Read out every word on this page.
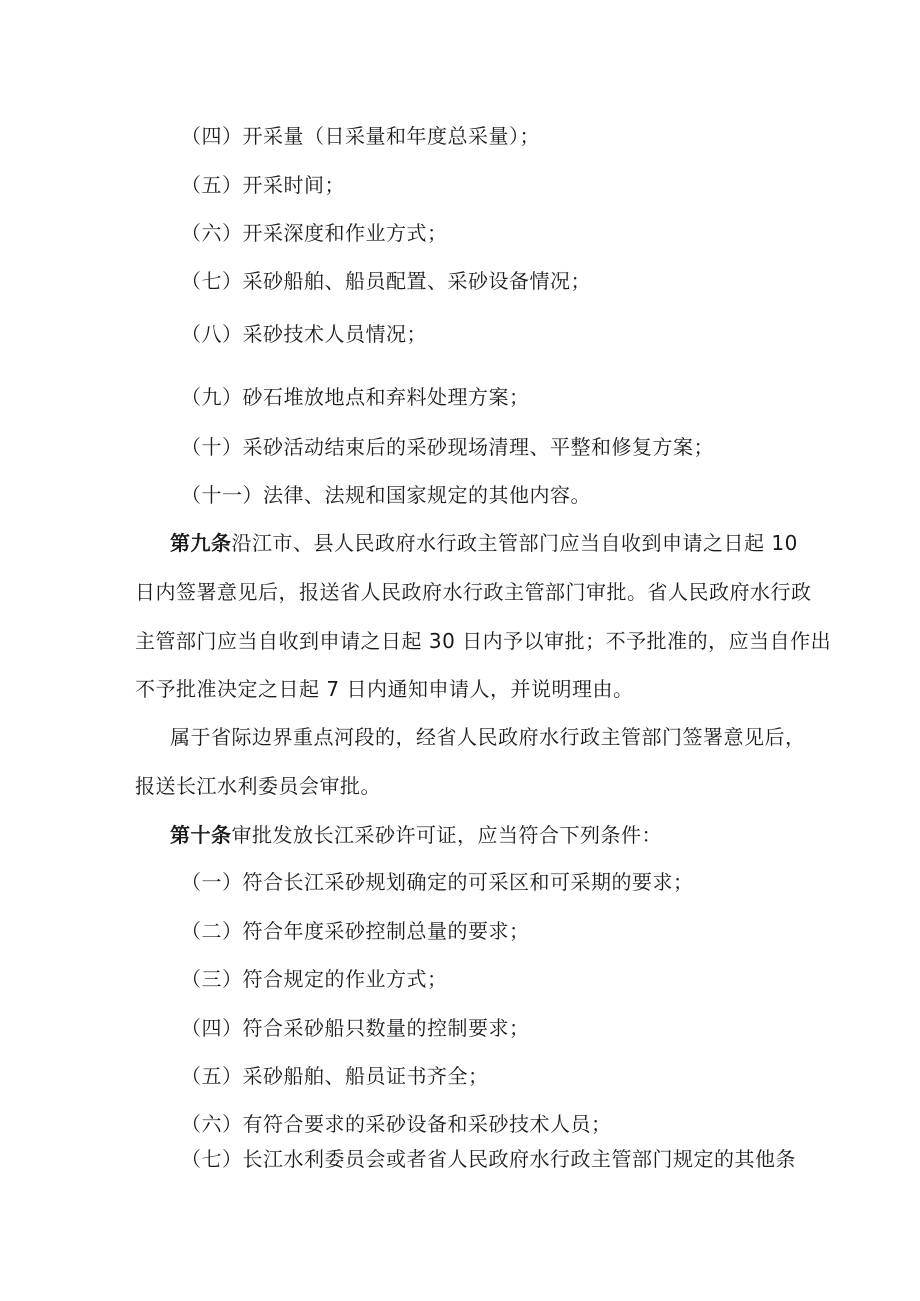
（四）开采量（日采量和年度总采量）；
（五）开采时间；
（六）开采深度和作业方式；
（七）采砂船舶、船员配置、采砂设备情况；
（八）采砂技术人员情况；
（九）砂石堆放地点和弃料处理方案；
（十）采砂活动结束后的采砂现场清理、平整和修复方案；
（十一）法律、法规和国家规定的其他内容。
第九条沿江市、县人民政府水行政主管部门应当自收到申请之日起 10
日内签署意见后，报送省人民政府水行政主管部门审批。省人民政府水行政
主管部门应当自收到申请之日起 30 日内予以审批；不予批准的，应当自作出
不予批准决定之日起 7 日内通知申请人，并说明理由。
属于省际边界重点河段的，经省人民政府水行政主管部门签署意见后，
报送长江水利委员会审批。
第十条审批发放长江采砂许可证，应当符合下列条件：
（一）符合长江采砂规划确定的可采区和可采期的要求；
（二）符合年度采砂控制总量的要求；
（三）符合规定的作业方式；
（四）符合采砂船只数量的控制要求；
（五）采砂船舶、船员证书齐全；
（六）有符合要求的采砂设备和采砂技术人员；
（七）长江水利委员会或者省人民政府水行政主管部门规定的其他条
